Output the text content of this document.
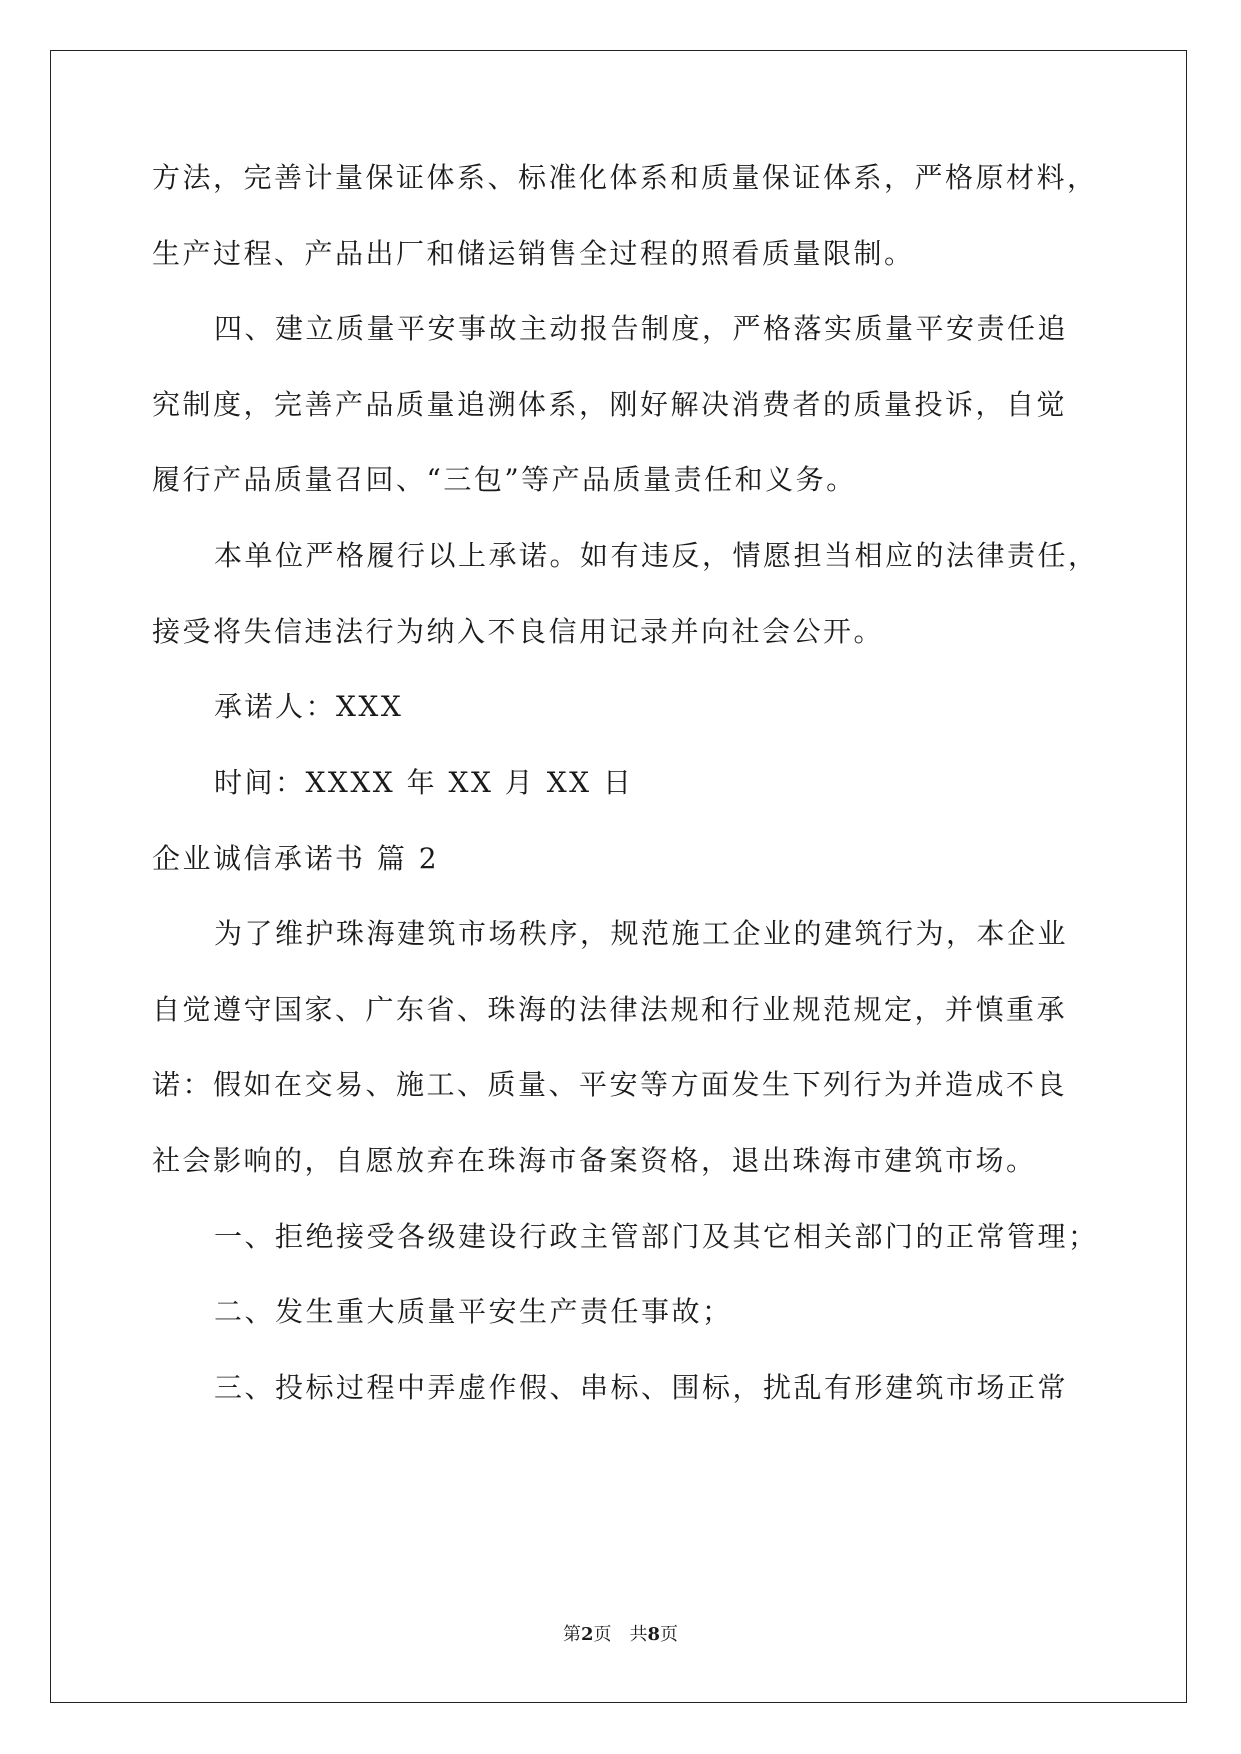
方法，完善计量保证体系、标准化体系和质量保证体系，严格原材料，
生产过程、产品出厂和储运销售全过程的照看质量限制。
四、建立质量平安事故主动报告制度，严格落实质量平安责任追
究制度，完善产品质量追溯体系，刚好解决消费者的质量投诉，自觉
履行产品质量召回、“三包”等产品质量责任和义务。
本单位严格履行以上承诺。如有违反，情愿担当相应的法律责任，
接受将失信违法行为纳入不良信用记录并向社会公开。
承诺人：XXX
时间：XXXX 年 XX 月 XX 日
企业诚信承诺书 篇 2
为了维护珠海建筑市场秩序，规范施工企业的建筑行为，本企业
自觉遵守国家、广东省、珠海的法律法规和行业规范规定，并慎重承
诺：假如在交易、施工、质量、平安等方面发生下列行为并造成不良
社会影响的，自愿放弃在珠海市备案资格，退出珠海市建筑市场。
一、拒绝接受各级建设行政主管部门及其它相关部门的正常管理；
二、发生重大质量平安生产责任事故；
三、投标过程中弄虚作假、串标、围标，扰乱有形建筑市场正常
第2页　共8页
